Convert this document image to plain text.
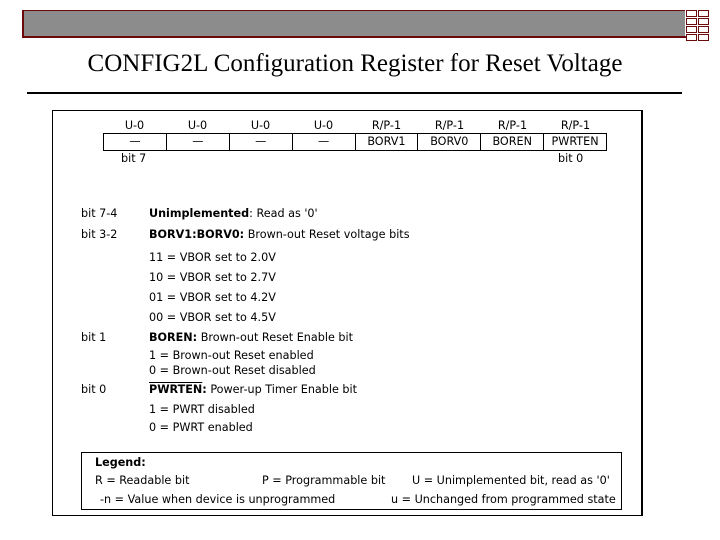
CONFIG2L Configuration Register for Reset Voltage
U-0	U-0	U-0	U-0	R/P-1	R/P-1	R/P-1	R/P-1
—	—	—	—	BORV1	BORV0	BOREN	PWRTEN
bit 7	bit 0
bit 7-4	Unimplemented: Read as '0'
bit 3-2	BORV1:BORV0: Brown-out Reset voltage bits
11 = VBOR set to 2.0V
10 = VBOR set to 2.7V
01 = VBOR set to 4.2V
00 = VBOR set to 4.5V
bit 1	BOREN: Brown-out Reset Enable bit
1 = Brown-out Reset enabled
0 = Brown-out Reset disabled
bit 0	PWRTEN: Power-up Timer Enable bit
1 = PWRT disabled
0 = PWRT enabled
Legend:
R = Readable bit	P = Programmable bit U = Unimplemented bit, read as '0'
-n = Value when device is unprogrammed	u = Unchanged from programmed state
